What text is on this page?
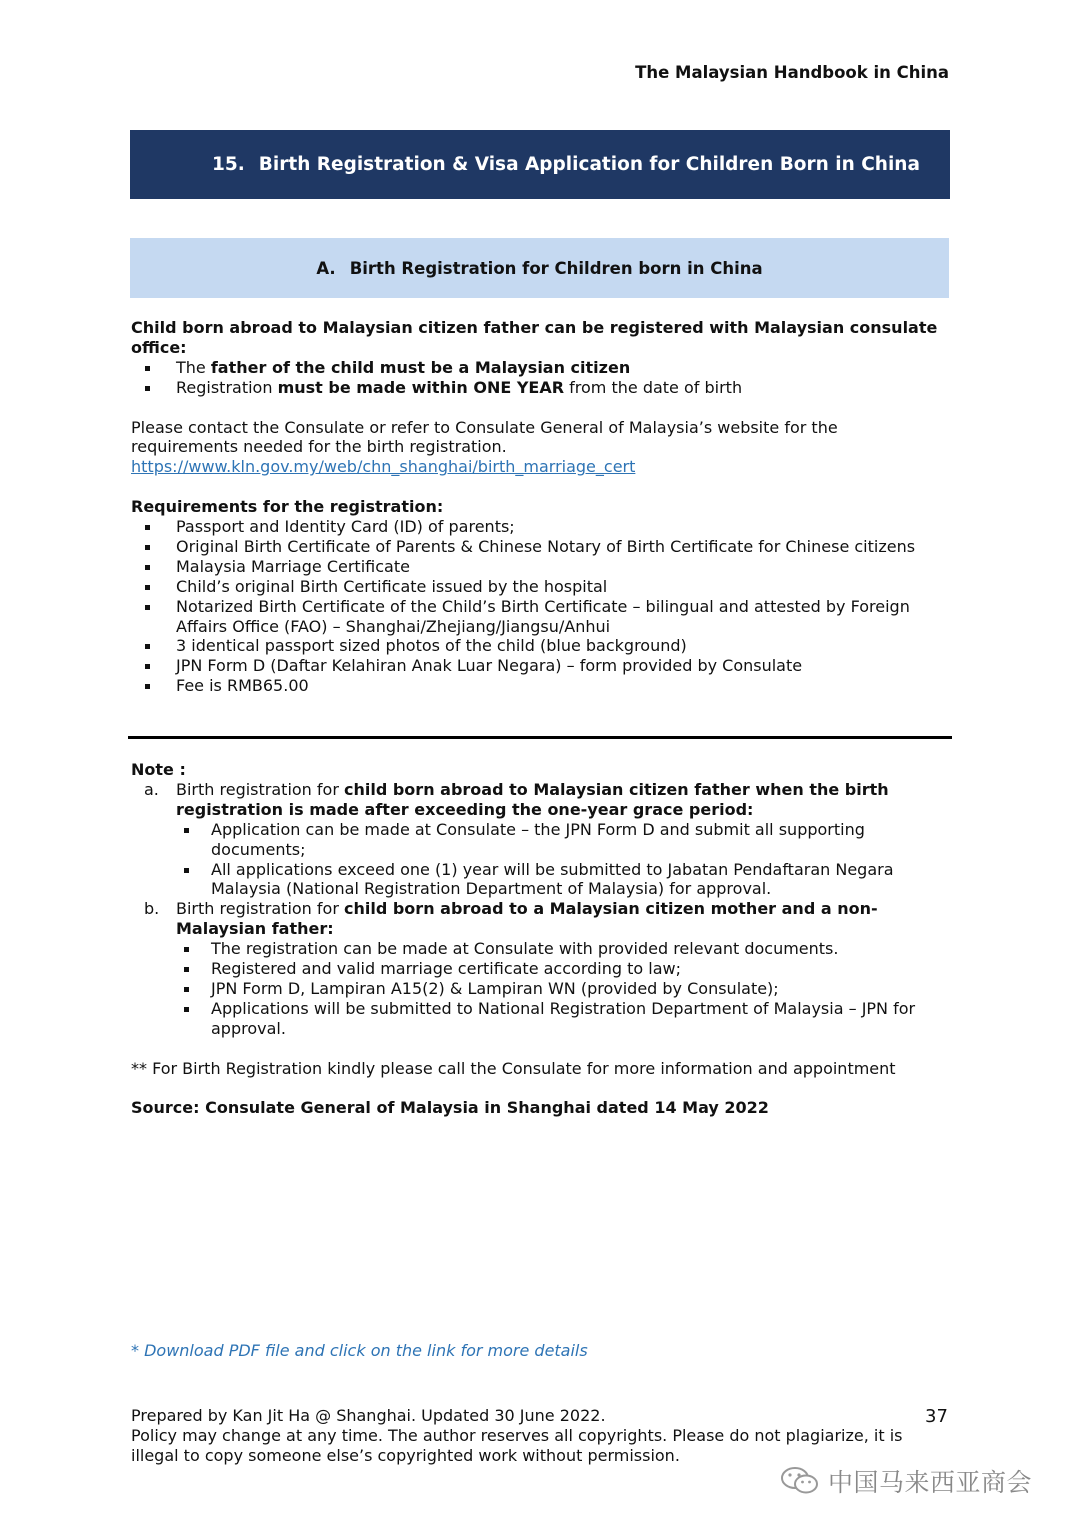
The Malaysian Handbook in China
15. Birth Registration & Visa Application for Children Born in China
A. Birth Registration for Children born in China

Child born abroad to Malaysian citizen father can be registered with Malaysian consulate office:

The father of the child must be a Malaysian citizen
Registration must be made within ONE YEAR from the date of birth

Please contact the Consulate or refer to Consulate General of Malaysia’s website for the requirements needed for the birth registration.

https://www.kln.gov.my/web/chn_shanghai/birth_marriage_cert

Requirements for the registration:

Passport and Identity Card (ID) of parents;
Original Birth Certificate of Parents & Chinese Notary of Birth Certificate for Chinese citizens
Malaysia Marriage Certificate
Child’s original Birth Certificate issued by the hospital
Notarized Birth Certificate of the Child’s Birth Certificate – bilingual and attested by Foreign Affairs Office (FAO) – Shanghai/Zhejiang/Jiangsu/Anhui
3 identical passport sized photos of the child (blue background)
JPN Form D (Daftar Kelahiran Anak Luar Negara) – form provided by Consulate
Fee is RMB65.00

Note :

a. Birth registration for child born abroad to Malaysian citizen father when the birth registration is made after exceeding the one-year grace period:
Application can be made at Consulate – the JPN Form D and submit all supporting documents;
All applications exceed one (1) year will be submitted to Jabatan Pendaftaran Negara Malaysia (National Registration Department of Malaysia) for approval.
b. Birth registration for child born abroad to a Malaysian citizen mother and a non-Malaysian father:
The registration can be made at Consulate with provided relevant documents.
Registered and valid marriage certificate according to law;
JPN Form D, Lampiran A15(2) & Lampiran WN (provided by Consulate);
Applications will be submitted to National Registration Department of Malaysia – JPN for approval.

** For Birth Registration kindly please call the Consulate for more information and appointment

Source: Consulate General of Malaysia in Shanghai dated 14 May 2022

* Download PDF file and click on the link for more details
Prepared by Kan Jit Ha @ Shanghai. Updated 30 June 2022.
Policy may change at any time. The author reserves all copyrights. Please do not plagiarize, it is illegal to copy someone else’s copyrighted work without permission.
37
中国马来西亚商会
